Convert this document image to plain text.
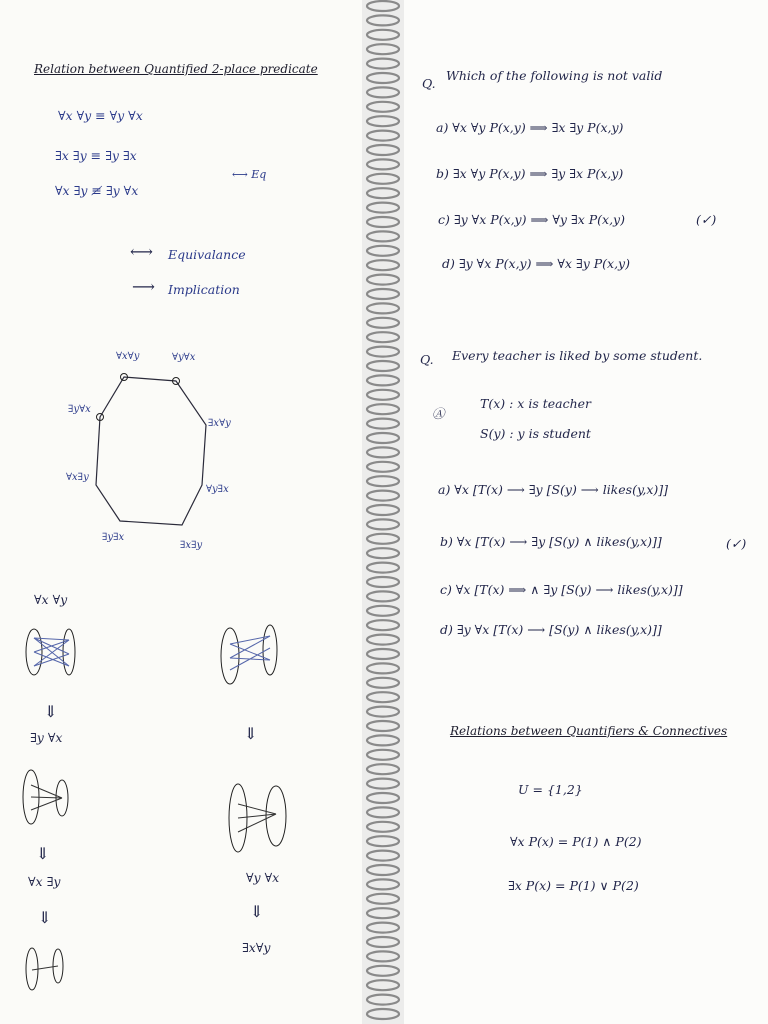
Relation between Quantified 2-place predicate
∀x ∀y ≡ ∀y ∀x
∃x ∃y ≡ ∃y ∃x
∀x ∃y ≢ ∃y ∀x
⟷ Eq
⟷ Equivalance
⟶ Implication
∀x∀y	∀y∀x
∃x∀y
∀y∃x
∃x∃y
∃y∃x
∀x∃y
∃y∀x
∀x ∀y
⇓
∃y ∀x
⇓
∀x ∃y
⇓
⇓
∀y ∀x
⇓
∃x∀y
Q.
Which of the following is not valid
a) ∀x ∀y P(x,y) ⟹ ∃x ∃y P(x,y)
b) ∃x ∀y P(x,y) ⟹ ∃y ∃x P(x,y)
c) ∃y ∀x P(x,y) ⟹ ∀y ∃x P(x,y)	(✓)
d) ∃y ∀x P(x,y) ⟹ ∀x ∃y P(x,y)
Q. Every teacher is liked by some student.
Ⓐ
T(x) : x is teacher
S(y) : y is student
a) ∀x [T(x) ⟶ ∃y [S(y) ⟶ likes(y,x)]]
b) ∀x [T(x) ⟶ ∃y [S(y) ∧ likes(y,x)]]	(✓)
c) ∀x [T(x) ⟹ ∧ ∃y [S(y) ⟶ likes(y,x)]]
d) ∃y ∀x [T(x) ⟶ [S(y) ∧ likes(y,x)]]
Relations between Quantifiers & Connectives
U = {1,2}
∀x P(x) = P(1) ∧ P(2)
∃x P(x) = P(1) ∨ P(2)
